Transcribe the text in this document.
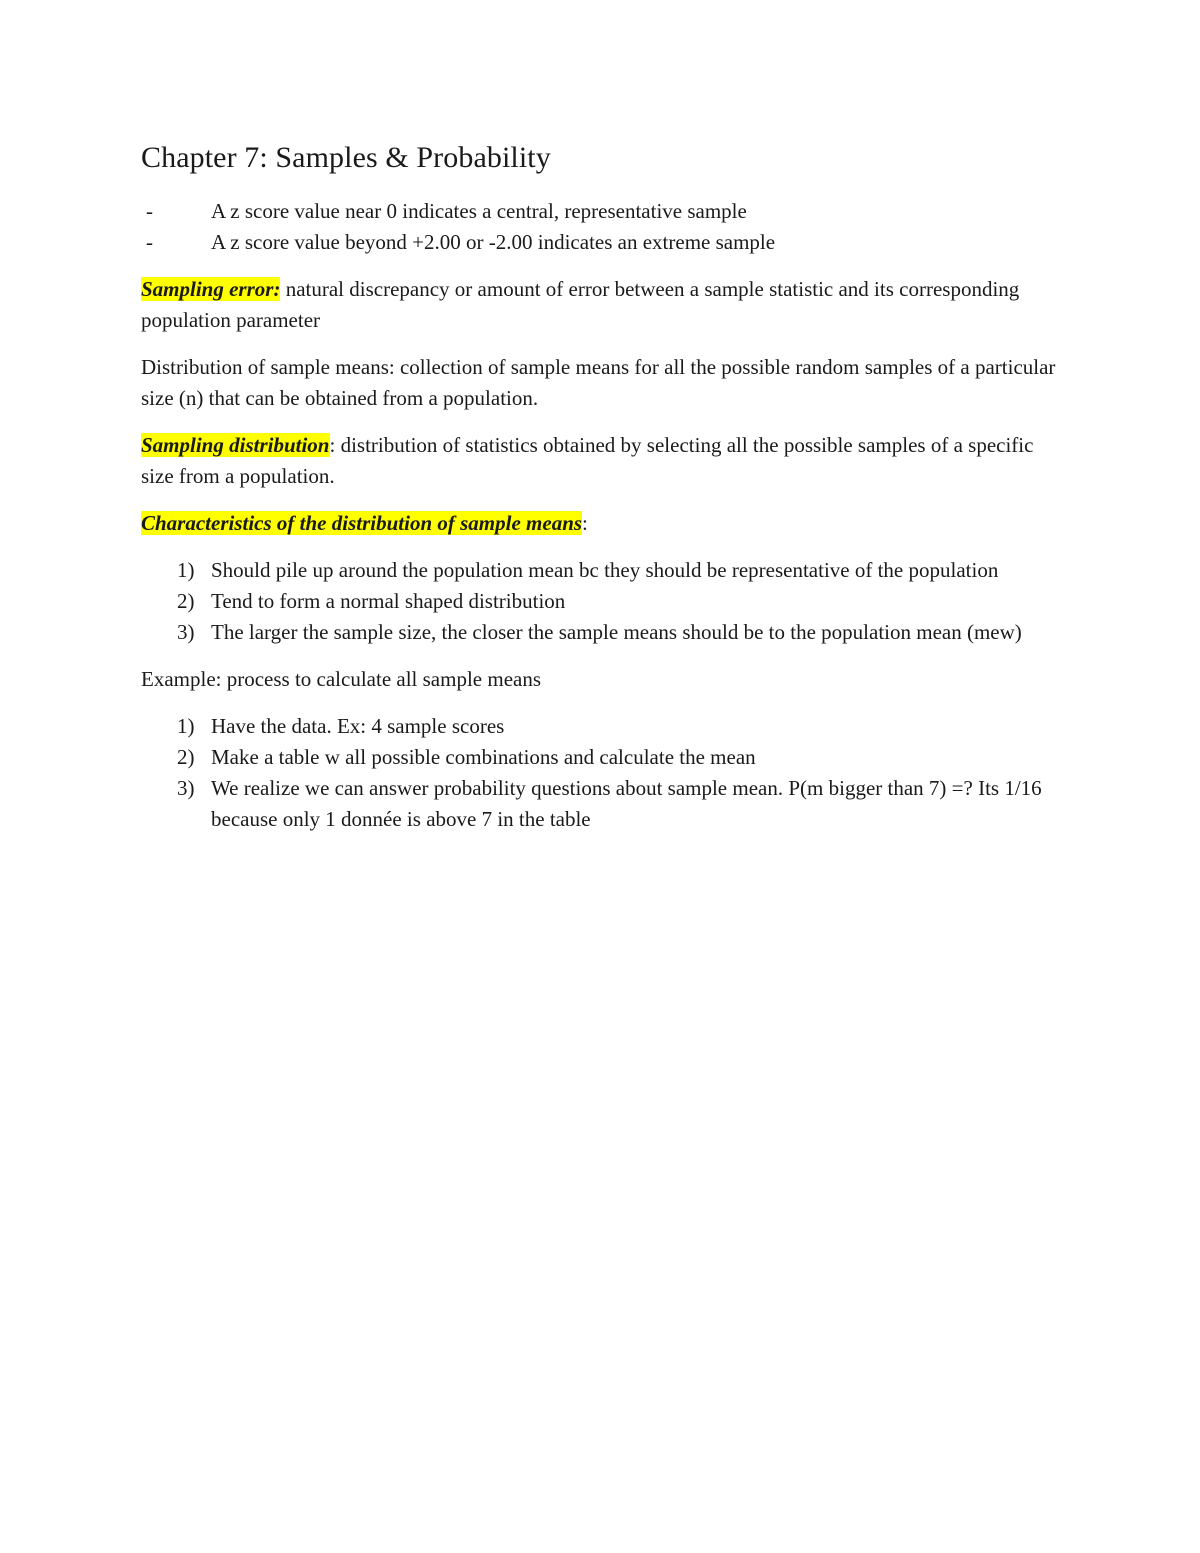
Chapter 7: Samples & Probability
-	A z score value near 0 indicates a central, representative sample
-	A z score value beyond +2.00 or -2.00 indicates an extreme sample

Sampling error: natural discrepancy or amount of error between a sample statistic and its corresponding population parameter

Distribution of sample means: collection of sample means for all the possible random samples of a particular size (n) that can be obtained from a population.

Sampling distribution: distribution of statistics obtained by selecting all the possible samples of a specific size from a population.

Characteristics of the distribution of sample means:

1) Should pile up around the population mean bc they should be representative of the population
2) Tend to form a normal shaped distribution
3) The larger the sample size, the closer the sample means should be to the population mean (mew)

Example: process to calculate all sample means

1) Have the data. Ex: 4 sample scores
2) Make a table w all possible combinations and calculate the mean
3) We realize we can answer probability questions about sample mean. P(m bigger than 7) =? Its 1/16 because only 1 donnée is above 7 in the table
